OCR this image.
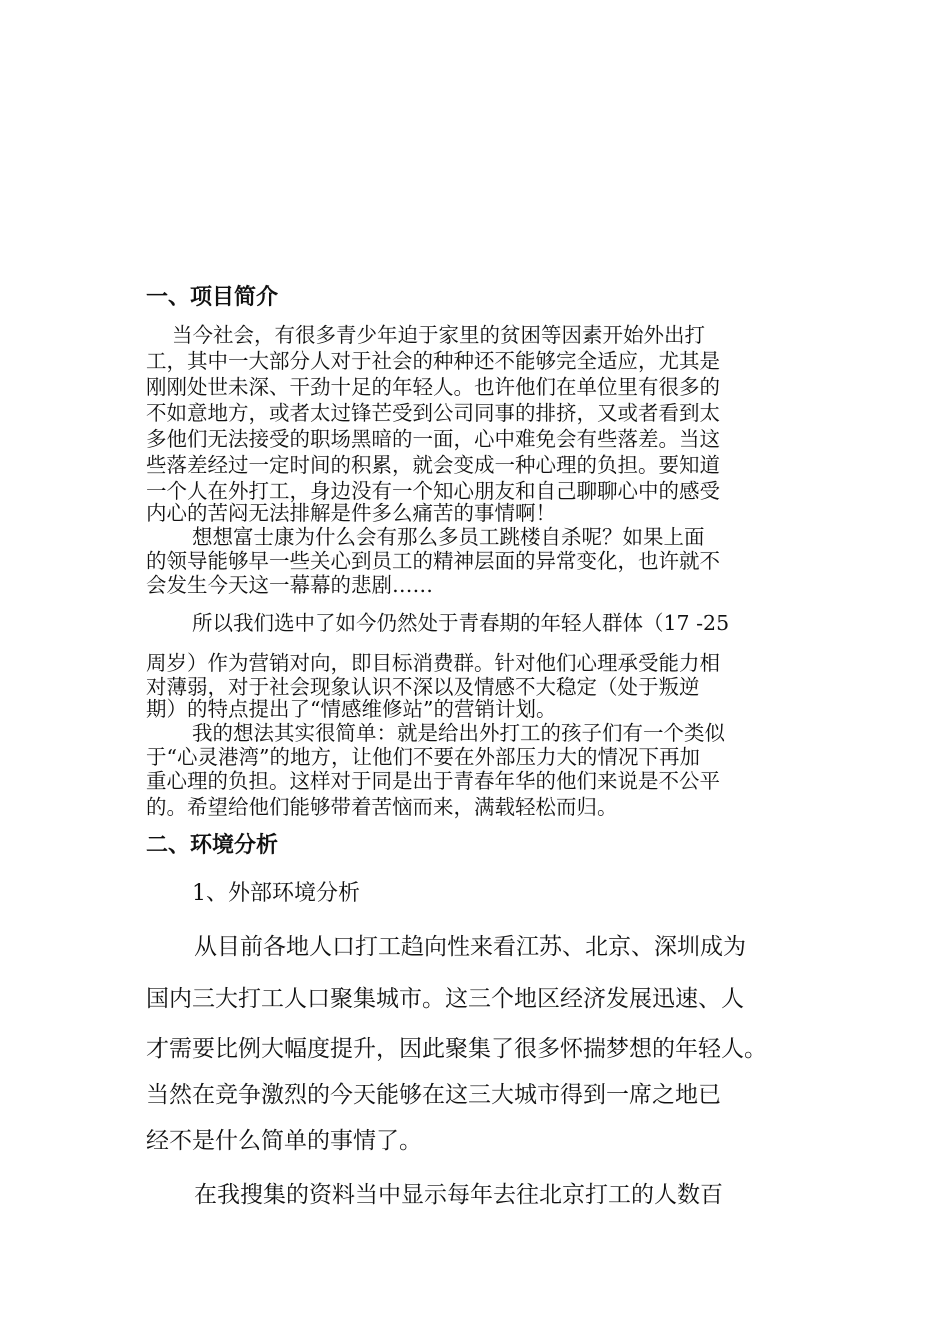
一、项目简介
当今社会，有很多青少年迫于家里的贫困等因素开始外出打
工，其中一大部分人对于社会的种种还不能够完全适应，尤其是
刚刚处世未深、干劲十足的年轻人。也许他们在单位里有很多的
不如意地方，或者太过锋芒受到公司同事的排挤，又或者看到太
多他们无法接受的职场黑暗的一面，心中难免会有些落差。当这
些落差经过一定时间的积累，就会变成一种心理的负担。要知道
一个人在外打工，身边没有一个知心朋友和自己聊聊心中的感受
内心的苦闷无法排解是件多么痛苦的事情啊！
想想富士康为什么会有那么多员工跳楼自杀呢？如果上面
的领导能够早一些关心到员工的精神层面的异常变化，也许就不
会发生今天这一幕幕的悲剧……
所以我们选中了如今仍然处于青春期的年轻人群体（17 -25
周岁）作为营销对向，即目标消费群。针对他们心理承受能力相
对薄弱，对于社会现象认识不深以及情感不大稳定（处于叛逆
期）的特点提出了“情感维修站”的营销计划。
我的想法其实很简单：就是给出外打工的孩子们有一个类似
于“心灵港湾”的地方，让他们不要在外部压力大的情况下再加
重心理的负担。这样对于同是出于青春年华的他们来说是不公平
的。希望给他们能够带着苦恼而来，满载轻松而归。
二、环境分析
1、外部环境分析
从目前各地人口打工趋向性来看江苏、北京、深圳成为
国内三大打工人口聚集城市。这三个地区经济发展迅速、人
才需要比例大幅度提升，因此聚集了很多怀揣梦想的年轻人。
当然在竞争激烈的今天能够在这三大城市得到一席之地已
经不是什么简单的事情了。
在我搜集的资料当中显示每年去往北京打工的人数百
